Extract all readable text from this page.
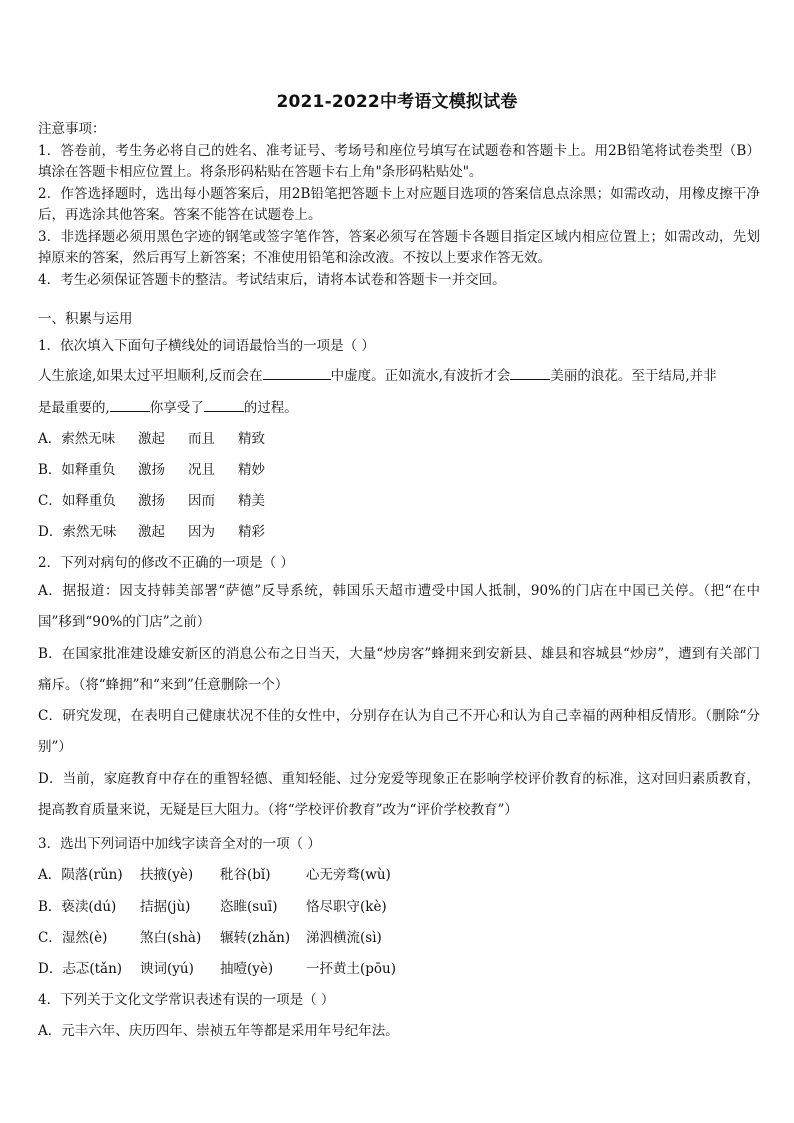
2021-2022中考语文模拟试卷

注意事项：

1．答卷前，考生务必将自己的姓名、准考证号、考场号和座位号填写在试题卷和答题卡上。用2B铅笔将试卷类型（B）填涂在答题卡相应位置上。将条形码粘贴在答题卡右上角"条形码粘贴处"。

2．作答选择题时，选出每小题答案后，用2B铅笔把答题卡上对应题目选项的答案信息点涂黑；如需改动，用橡皮擦干净后，再选涂其他答案。答案不能答在试题卷上。

3．非选择题必须用黑色字迹的钢笔或签字笔作答，答案必须写在答题卡各题目指定区域内相应位置上；如需改动，先划掉原来的答案，然后再写上新答案；不准使用铅笔和涂改液。不按以上要求作答无效。

4．考生必须保证答题卡的整洁。考试结束后，请将本试卷和答题卡一并交回。

一、积累与运用
1．依次填入下面句子横线处的词语最恰当的一项是（ ）
人生旅途,如果太过平坦顺利,反而会在	中虚度。正如流水,有波折才会	美丽的浪花。至于结局,并非
是最重要的,	你享受了	的过程。
A．索然无味 激起 而且 精致
B．如释重负 激扬 况且 精妙
C．如释重负 激扬 因而 精美
D．索然无味 激起 因为 精彩
2．下列对病句的修改不正确的一项是（ ）
A．据报道：因支持韩美部署“萨德”反导系统，韩国乐天超市遭受中国人抵制，90%的门店在中国已关停。（把“在中国”移到“90%的门店”之前）
B．在国家批准建设雄安新区的消息公布之日当天，大量“炒房客”蜂拥来到安新县、雄县和容城县“炒房”，遭到有关部门痛斥。（将“蜂拥”和“来到”任意删除一个）
C．研究发现，在表明自己健康状况不佳的女性中，分别存在认为自己不开心和认为自己幸福的两种相反情形。（删除“分别”）
D．当前，家庭教育中存在的重智轻德、重知轻能、过分宠爱等现象正在影响学校评价教育的标准，这对回归素质教育，提高教育质量来说，无疑是巨大阻力。（将“学校评价教育”改为“评价学校教育”）
3．选出下列词语中加线字读音全对的一项（ ）
A．陨落(rǔn) 扶掖(yè) 秕谷(bǐ)	心无旁骛(wù)
B．亵渎(dú) 拮据(jù) 恣睢(suī) 恪尽职守(kè)
C．湿然(è) 煞白(shà) 辗转(zhǎn) 涕泗横流(sì)
D．忐忑(tǎn) 谀词(yú) 抽噎(yè) 一抔黄土(pōu)
4．下列关于文化文学常识表述有误的一项是（ ）
A．元丰六年、庆历四年、崇祯五年等都是采用年号纪年法。
